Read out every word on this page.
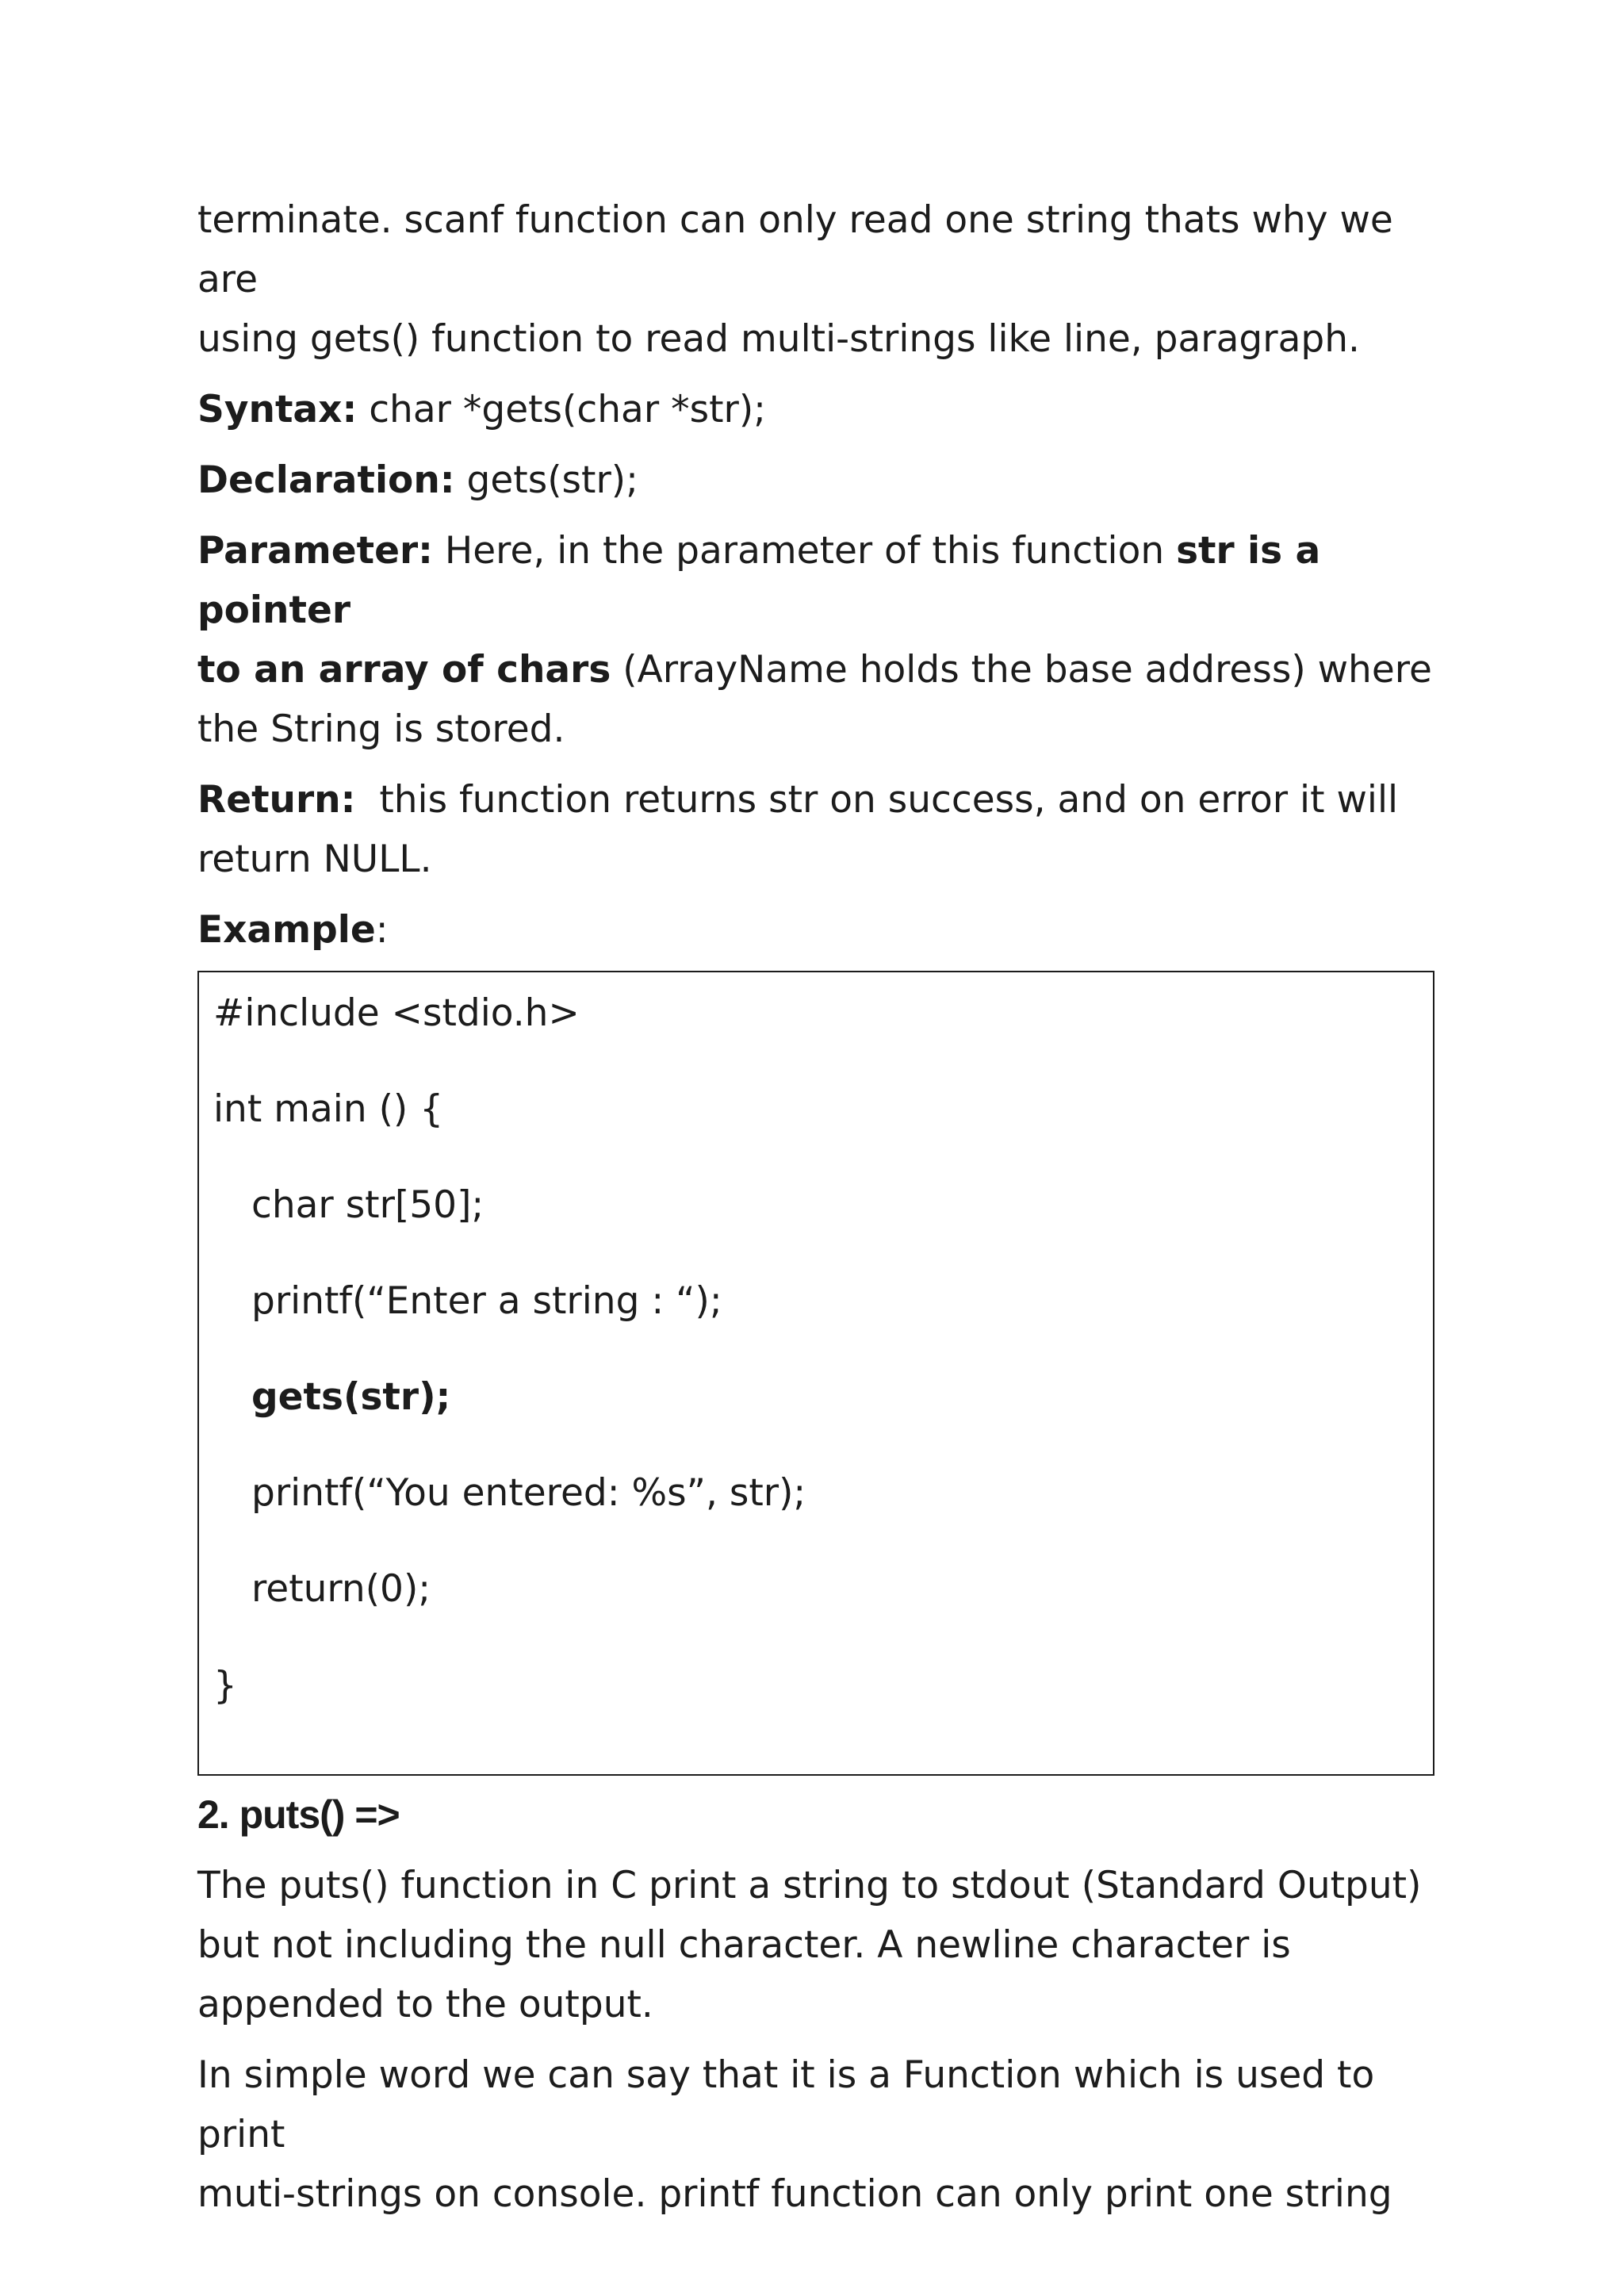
terminate. scanf function can only read one string thats why we are
using gets() function to read multi-strings like line, paragraph.

Syntax: char *gets(char *str);

Declaration: gets(str);

Parameter: Here, in the parameter of this function str is a pointer
to an array of chars (ArrayName holds the base address) where
the String is stored.

Return:  this function returns str on success, and on error it will
return NULL.

Example:

#include <stdio.h>
int main () {
char str[50];
printf(“Enter a string : “);
gets(str);
printf(“You entered: %s”, str);
return(0);
}
2. puts() =>

The puts() function in C print a string to stdout (Standard Output)
but not including the null character. A newline character is
appended to the output.

In simple word we can say that it is a Function which is used to print
muti-strings on console. printf function can only print one string
